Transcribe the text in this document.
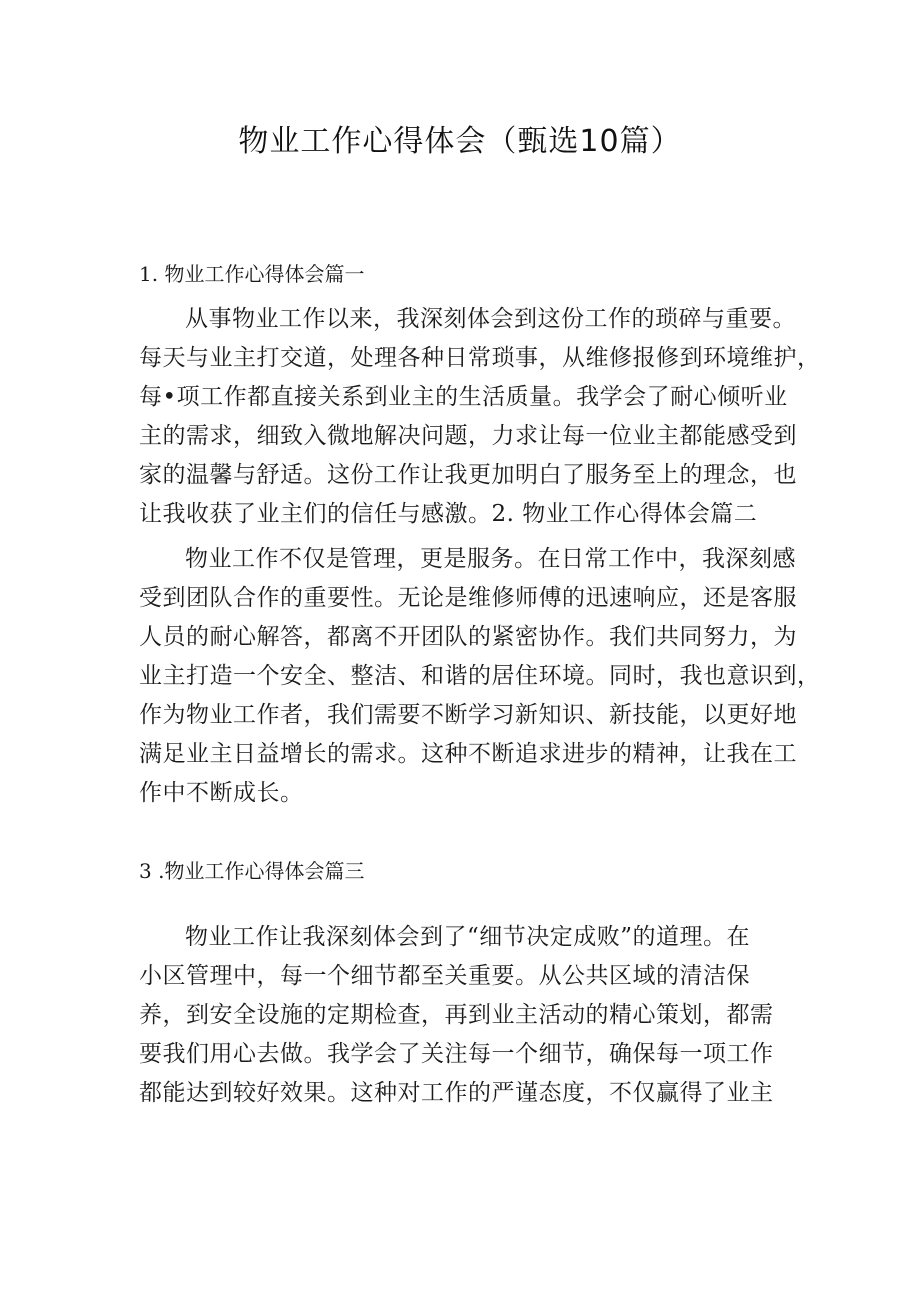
物业工作心得体会（甄选10篇）
1. 物业工作心得体会篇一
从事物业工作以来，我深刻体会到这份工作的琐碎与重要。
每天与业主打交道，处理各种日常琐事，从维修报修到环境维护，
每•项工作都直接关系到业主的生活质量。我学会了耐心倾听业
主的需求，细致入微地解决问题，力求让每一位业主都能感受到
家的温馨与舒适。这份工作让我更加明白了服务至上的理念，也
让我收获了业主们的信任与感激。2. 物业工作心得体会篇二
物业工作不仅是管理，更是服务。在日常工作中，我深刻感
受到团队合作的重要性。无论是维修师傅的迅速响应，还是客服
人员的耐心解答，都离不开团队的紧密协作。我们共同努力，为
业主打造一个安全、整洁、和谐的居住环境。同时，我也意识到，
作为物业工作者，我们需要不断学习新知识、新技能，以更好地
满足业主日益增长的需求。这种不断追求进步的精神，让我在工
作中不断成长。
3 .物业工作心得体会篇三
物业工作让我深刻体会到了“细节决定成败”的道理。在
小区管理中，每一个细节都至关重要。从公共区域的清洁保
养，到安全设施的定期检查，再到业主活动的精心策划，都需
要我们用心去做。我学会了关注每一个细节，确保每一项工作
都能达到较好效果。这种对工作的严谨态度，不仅赢得了业主
